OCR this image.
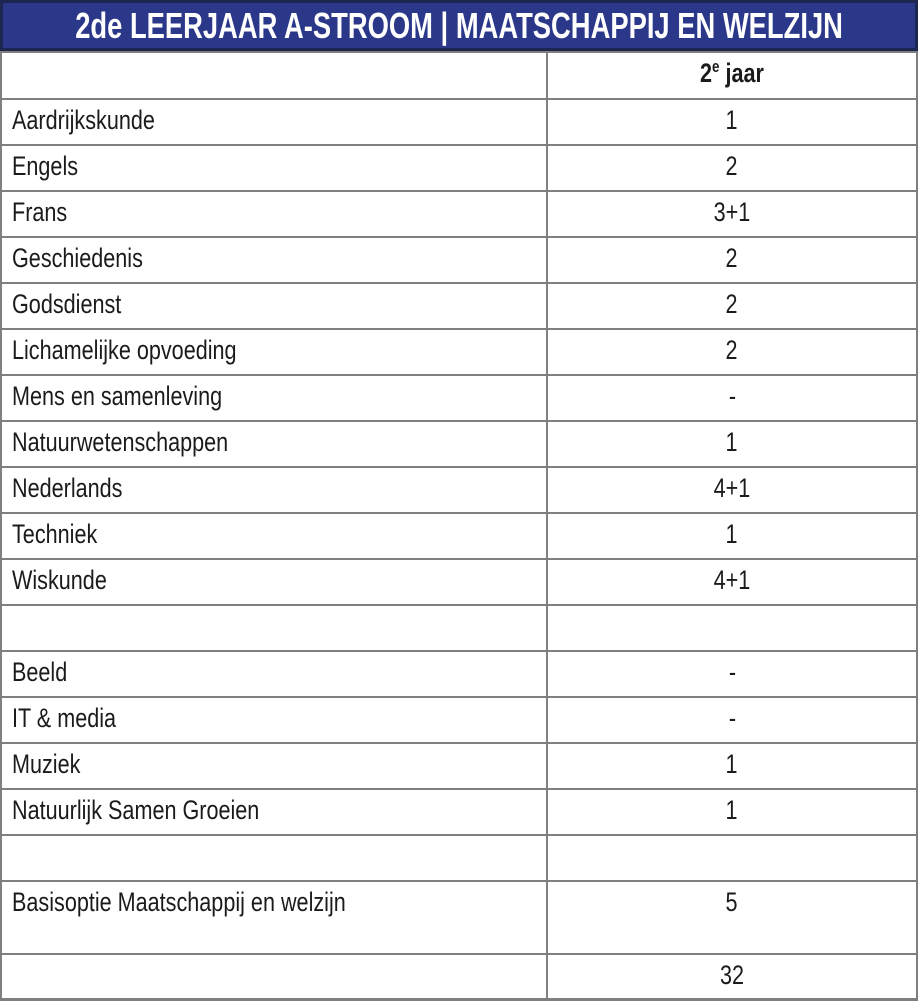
2de LEERJAAR A-STROOM | MAATSCHAPPIJ EN WELZIJN
	2e jaar
Aardrijkskunde	1
Engels	2
Frans	3+1
Geschiedenis	2
Godsdienst	2
Lichamelijke opvoeding	2
Mens en samenleving	-
Natuurwetenschappen	1
Nederlands	4+1
Techniek	1
Wiskunde	4+1

Beeld	-
IT & media	-
Muziek	1
Natuurlijk Samen Groeien	1

Basisoptie Maatschappij en welzijn	5
	32
